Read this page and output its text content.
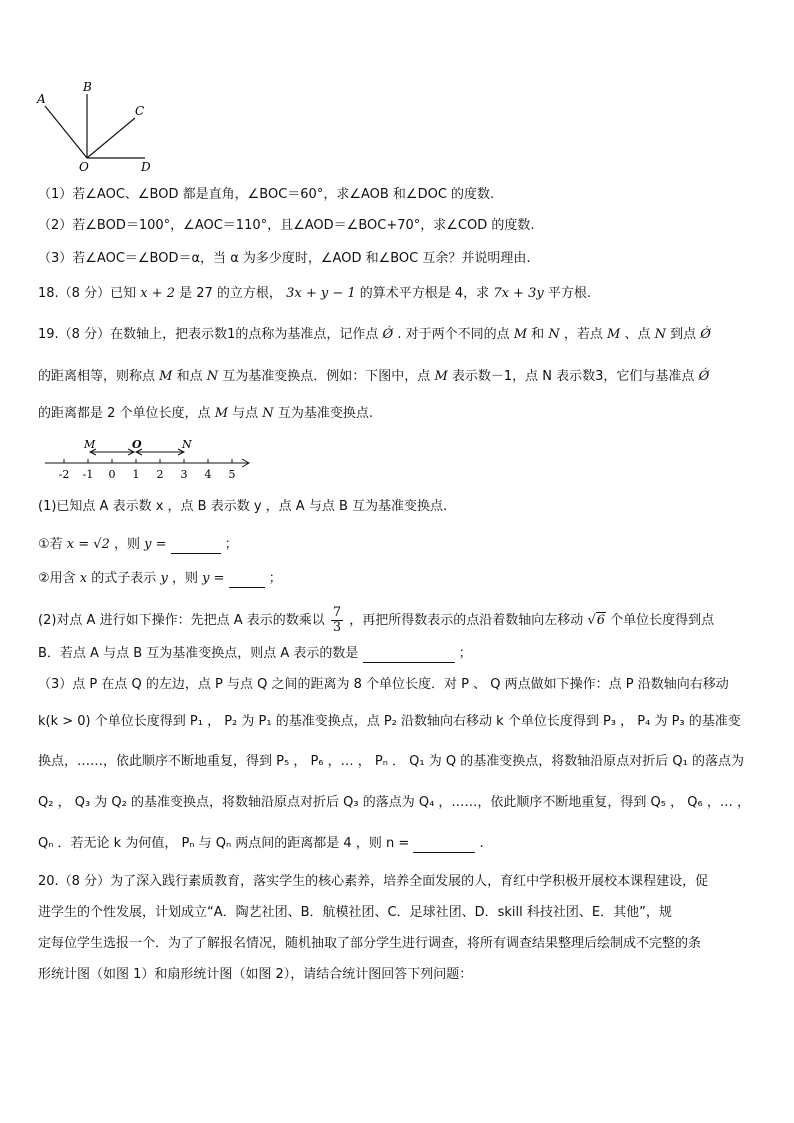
A
B
C
O	D
（1）若∠AOC、∠BOD 都是直角，∠BOC＝60°，求∠AOB 和∠DOC 的度数.
（2）若∠BOD＝100°，∠AOC＝110°，且∠AOD＝∠BOC+70°，求∠COD 的度数.
（3）若∠AOC＝∠BOD＝α，当 α 为多少度时，∠AOD 和∠BOC 互余？并说明理由.
18.（8 分）已知 x + 2 是 27 的立方根， 3x + y − 1 的算术平方根是 4，求 7x + 3y 平方根.
19.（8 分）在数轴上，把表示数1的点称为基准点，记作点 Ǿ . 对于两个不同的点 M 和 N ，若点 M 、点 N 到点 Ǿ
的距离相等，则称点 M 和点 N 互为基准变换点．例如：下图中，点 M 表示数－1，点 N 表示数3，它们与基准点 Ǿ
的距离都是 2 个单位长度，点 M 与点 N 互为基准变换点.
-2 -1 0 1 2 3 4 5
M	O	N
(1)已知点 A 表示数 x ，点 B 表示数 y ，点 A 与点 B 互为基准变换点.
①若 x = √2 ，则 y =	；
②用含 x 的式子表示 y ，则 y =	；
(2)对点 A 进行如下操作：先把点 A 表示的数乘以 $\frac{7}{3}$ ，再把所得数表示的点沿着数轴向左移动 √6 个单位长度得到点
B．若点 A 与点 B 互为基准变换点，则点 A 表示的数是	；
（3）点 P 在点 Q 的左边，点 P 与点 Q 之间的距离为 8 个单位长度．对 P 、 Q 两点做如下操作：点 P 沿数轴向右移动
k(k > 0) 个单位长度得到 P₁ ， P₂ 为 P₁ 的基准变换点，点 P₂ 沿数轴向右移动 k 个单位长度得到 P₃ ， P₄ 为 P₃ 的基准变
换点，……，依此顺序不断地重复，得到 P₅ ， P₆ ，… ， Pₙ ． Q₁ 为 Q 的基准变换点，将数轴沿原点对折后 Q₁ 的落点为
Q₂ ， Q₃ 为 Q₂ 的基准变换点，将数轴沿原点对折后 Q₃ 的落点为 Q₄ ，……，依此顺序不断地重复，得到 Q₅ ， Q₆ ，… ，
Qₙ ．若无论 k 为何值， Pₙ 与 Qₙ 两点间的距离都是 4 ，则 n =	.
20.（8 分）为了深入践行素质教育，落实学生的核心素养，培养全面发展的人，育红中学积极开展校本课程建设，促
进学生的个性发展，计划成立“A．陶艺社团、B．航模社团、C．足球社团、D．skill 科技社团、E．其他”，规
定每位学生选报一个．为了了解报名情况，随机抽取了部分学生进行调查，将所有调查结果整理后绘制成不完整的条
形统计图（如图 1）和扇形统计图（如图 2），请结合统计图回答下列问题：
